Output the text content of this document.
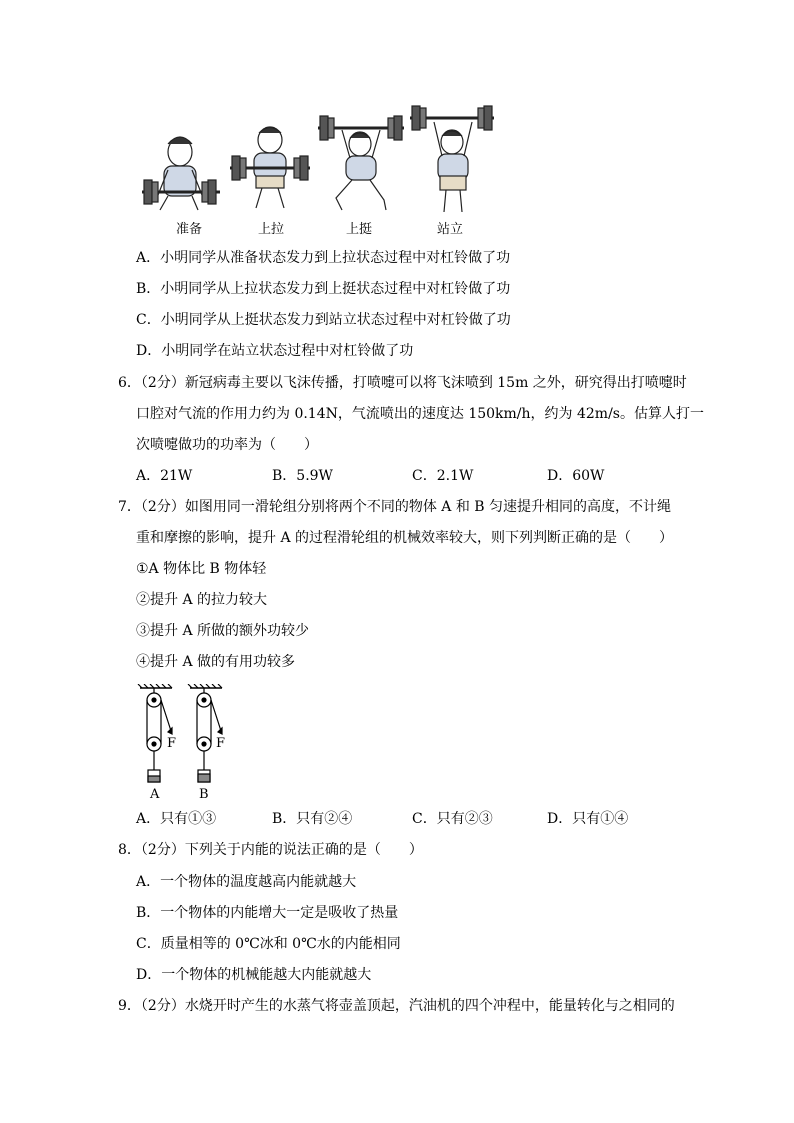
准备	上拉	上挺	站立
A．小明同学从准备状态发力到上拉状态过程中对杠铃做了功
B．小明同学从上拉状态发力到上挺状态过程中对杠铃做了功
C．小明同学从上挺状态发力到站立状态过程中对杠铃做了功
D．小明同学在站立状态过程中对杠铃做了功
6．（2分）新冠病毒主要以飞沫传播，打喷嚏可以将飞沫喷到 15m 之外，研究得出打喷嚏时
口腔对气流的作用力约为 0.14N，气流喷出的速度达 150km/h，约为 42m/s。估算人打一
次喷嚏做功的功率为（　　）
A．21W	B．5.9W	C．2.1W	D．60W
7．（2分）如图用同一滑轮组分别将两个不同的物体 A 和 B 匀速提升相同的高度，不计绳
重和摩擦的影响，提升 A 的过程滑轮组的机械效率较大，则下列判断正确的是（　　）
①A 物体比 B 物体轻
②提升 A 的拉力较大
③提升 A 所做的额外功较少
④提升 A 做的有用功较多
F	F
A	B
A．只有①③	B．只有②④	C．只有②③	D．只有①④
8．（2分）下列关于内能的说法正确的是（　　）
A．一个物体的温度越高内能就越大
B．一个物体的内能增大一定是吸收了热量
C．质量相等的 0℃冰和 0℃水的内能相同
D．一个物体的机械能越大内能就越大
9．（2分）水烧开时产生的水蒸气将壶盖顶起，汽油机的四个冲程中，能量转化与之相同的
